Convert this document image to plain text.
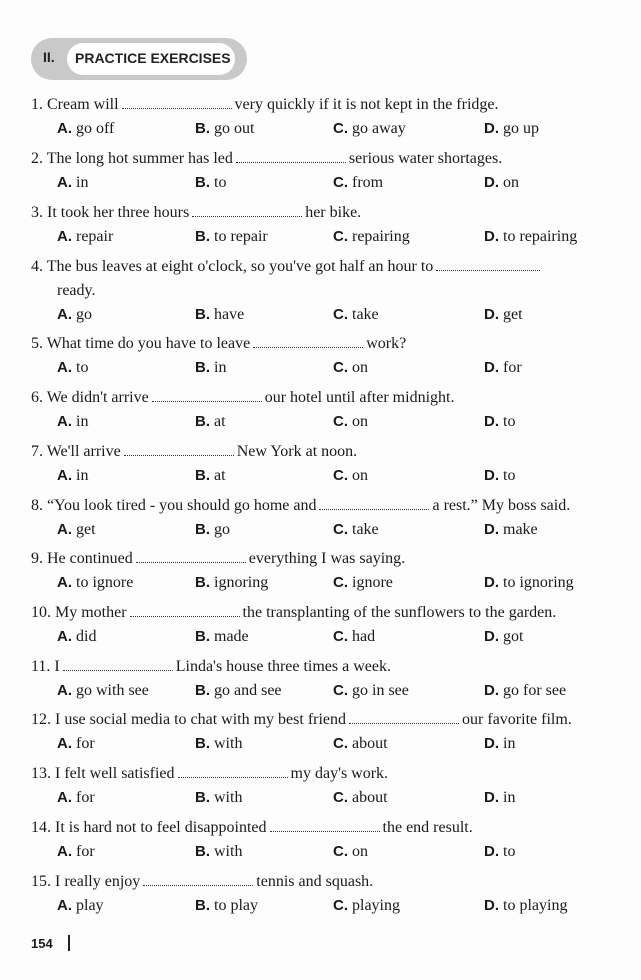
II. PRACTICE EXERCISES
1. Cream will	very quickly if it is not kept in the fridge.
A. go off	B. go out	C. go away	D. go up
2. The long hot summer has led	serious water shortages.
A. in	B. to	C. from	D. on
3. It took her three hours	her bike.
A. repair	B. to repair	C. repairing	D. to repairing
4. The bus leaves at eight o'clock, so you've got half an hour to
ready.
A. go	B. have	C. take	D. get
5. What time do you have to leave	work?
A. to	B. in	C. on	D. for
6. We didn't arrive	our hotel until after midnight.
A. in	B. at	C. on	D. to
7. We'll arrive	New York at noon.
A. in	B. at	C. on	D. to
8. “You look tired - you should go home and	a rest.” My boss said.
A. get	B. go	C. take	D. make
9. He continued	everything I was saying.
A. to ignore	B. ignoring	C. ignore	D. to ignoring
10. My mother	the transplanting of the sunflowers to the garden.
A. did	B. made	C. had	D. got
11. I	Linda's house three times a week.
A. go with see	B. go and see	C. go in see	D. go for see
12. I use social media to chat with my best friend	our favorite film.
A. for	B. with	C. about	D. in
13. I felt well satisfied	my day's work.
A. for	B. with	C. about	D. in
14. It is hard not to feel disappointed	the end result.
A. for	B. with	C. on	D. to
15. I really enjoy	tennis and squash.
A. play	B. to play	C. playing	D. to playing
154
